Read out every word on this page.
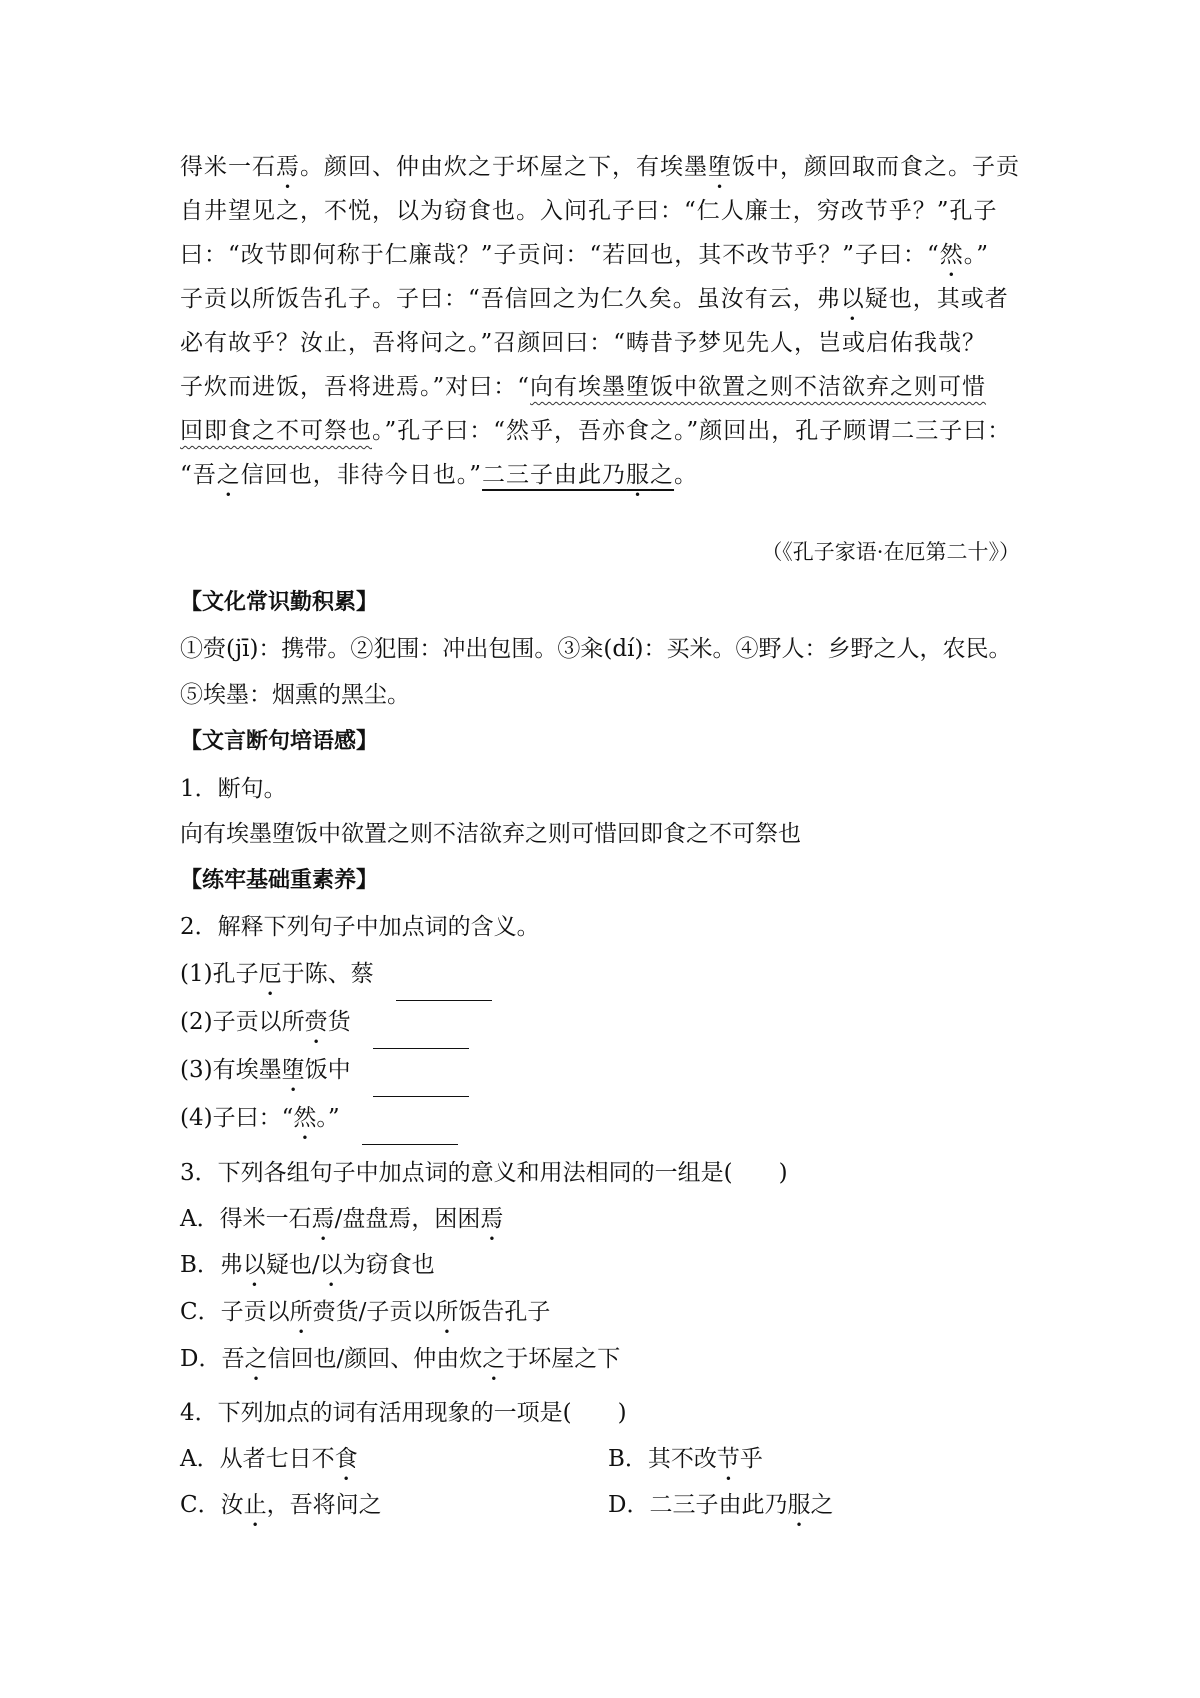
得米一石焉。颜回、仲由炊之于坏屋之下，有埃墨堕饭中，颜回取而食之。子贡
自井望见之，不悦，以为窃食也。入问孔子曰：“仁人廉士，穷改节乎？”孔子
曰：“改节即何称于仁廉哉？”子贡问：“若回也，其不改节乎？”子曰：“然。”
子贡以所饭告孔子。子曰：“吾信回之为仁久矣。虽汝有云，弗以疑也，其或者
必有故乎？汝止，吾将问之。”召颜回曰：“畴昔予梦见先人，岂或启佑我哉？
子炊而进饭，吾将进焉。”对曰：“向有埃墨堕饭中欲置之则不洁欲弃之则可惜
回即食之不可祭也。”孔子曰：“然乎，吾亦食之。”颜回出，孔子顾谓二三子曰：
“吾之信回也，非待今日也。”二三子由此乃服之。
（《孔子家语·在厄第二十》）
【文化常识勤积累】
①赍(jī)：携带。②犯围：冲出包围。③籴(dí)：买米。④野人：乡野之人，农民。
⑤埃墨：烟熏的黑尘。
【文言断句培语感】
1．断句。
向有埃墨堕饭中欲置之则不洁欲弃之则可惜回即食之不可祭也
【练牢基础重素养】
2．解释下列句子中加点词的含义。
(1)孔子厄于陈、蔡
(2)子贡以所赍货
(3)有埃墨堕饭中
(4)子曰：“然。”
3．下列各组句子中加点词的意义和用法相同的一组是(　　)
A．得米一石焉/盘盘焉，困困焉
B．弗以疑也/以为窃食也
C．子贡以所赍货/子贡以所饭告孔子
D．吾之信回也/颜回、仲由炊之于坏屋之下
4．下列加点的词有活用现象的一项是(　　)
A．从者七日不食	B．其不改节乎
C．汝止，吾将问之	D．二三子由此乃服之
